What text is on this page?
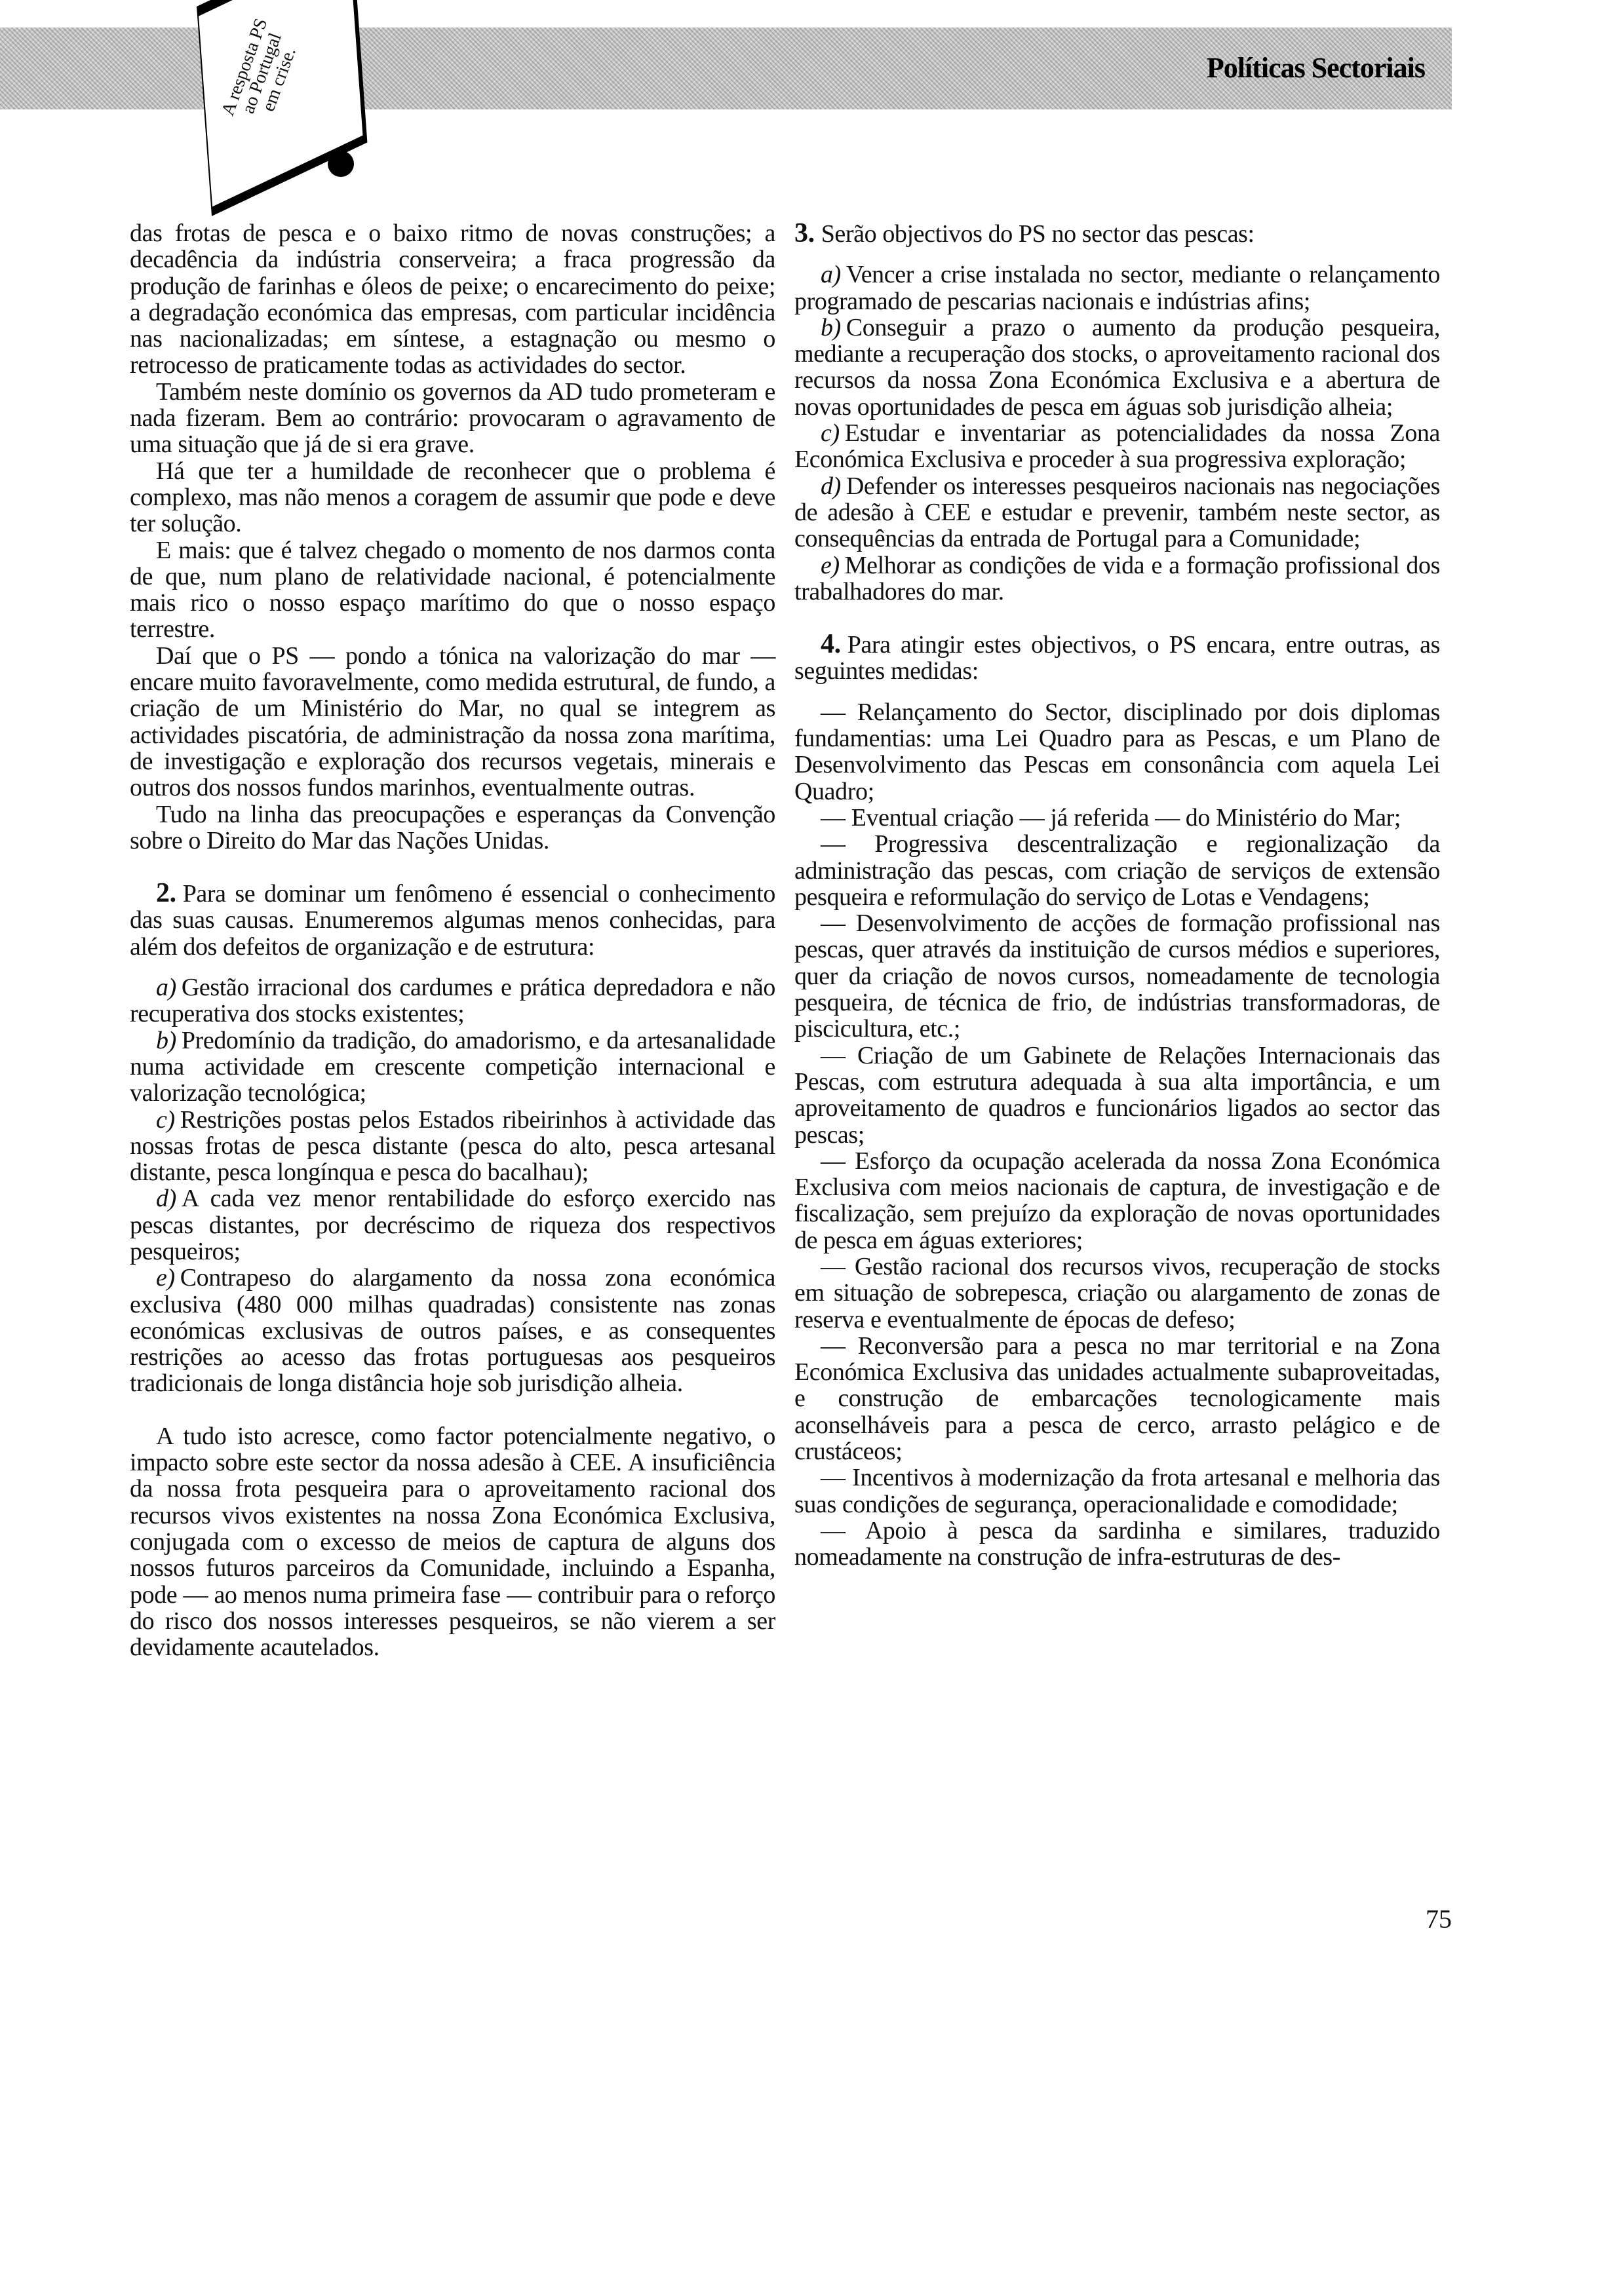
A resposta PS ao Portugal em crise.	Políticas Sectoriais

das frotas de pesca e o baixo ritmo de novas construções; a decadência da indústria conserveira; a fraca progressão da produção de farinhas e óleos de peixe; o encarecimento do peixe; a degradação económica das empresas, com particular incidência nas nacionalizadas; em síntese, a estagnação ou mesmo o retrocesso de praticamente todas as actividades do sector.

Também neste domínio os governos da AD tudo prometeram e nada fizeram. Bem ao contrário: provocaram o agravamento de uma situação que já de si era grave.

Há que ter a humildade de reconhecer que o problema é complexo, mas não menos a coragem de assumir que pode e deve ter solução.

E mais: que é talvez chegado o momento de nos darmos conta de que, num plano de relatividade nacional, é potencialmente mais rico o nosso espaço marítimo do que o nosso espaço terrestre.

Daí que o PS — pondo a tónica na valorização do mar — encare muito favoravelmente, como medida estrutural, de fundo, a criação de um Ministério do Mar, no qual se integrem as actividades piscatória, de administração da nossa zona marítima, de investigação e exploração dos recursos vegetais, minerais e outros dos nossos fundos marinhos, eventualmente outras.

Tudo na linha das preocupações e esperanças da Convenção sobre o Direito do Mar das Nações Unidas.

2. Para se dominar um fenômeno é essencial o conhecimento das suas causas. Enumeremos algumas menos conhecidas, para além dos defeitos de organização e de estrutura:

a) Gestão irracional dos cardumes e prática depredadora e não recuperativa dos stocks existentes;

b) Predomínio da tradição, do amadorismo, e da artesanalidade numa actividade em crescente competição internacional e valorização tecnológica;

c) Restrições postas pelos Estados ribeirinhos à actividade das nossas frotas de pesca distante (pesca do alto, pesca artesanal distante, pesca longínqua e pesca do bacalhau);

d) A cada vez menor rentabilidade do esforço exercido nas pescas distantes, por decréscimo de riqueza dos respectivos pesqueiros;

e) Contrapeso do alargamento da nossa zona económica exclusiva (480 000 milhas quadradas) consistente nas zonas económicas exclusivas de outros países, e as consequentes restrições ao acesso das frotas portuguesas aos pesqueiros tradicionais de longa distância hoje sob jurisdição alheia.

A tudo isto acresce, como factor potencialmente negativo, o impacto sobre este sector da nossa adesão à CEE. A insuficiência da nossa frota pesqueira para o aproveitamento racional dos recursos vivos existentes na nossa Zona Económica Exclusiva, conjugada com o excesso de meios de captura de alguns dos nossos futuros parceiros da Comunidade, incluindo a Espanha, pode — ao menos numa primeira fase — contribuir para o reforço do risco dos nossos interesses pesqueiros, se não vierem a ser devidamente acautelados.

3. Serão objectivos do PS no sector das pescas:

a) Vencer a crise instalada no sector, mediante o relançamento programado de pescarias nacionais e indústrias afins;

b) Conseguir a prazo o aumento da produção pesqueira, mediante a recuperação dos stocks, o aproveitamento racional dos recursos da nossa Zona Económica Exclusiva e a abertura de novas oportunidades de pesca em águas sob jurisdição alheia;

c) Estudar e inventariar as potencialidades da nossa Zona Económica Exclusiva e proceder à sua progressiva exploração;

d) Defender os interesses pesqueiros nacionais nas negociações de adesão à CEE e estudar e prevenir, também neste sector, as consequências da entrada de Portugal para a Comunidade;

e) Melhorar as condições de vida e a formação profissional dos trabalhadores do mar.

4. Para atingir estes objectivos, o PS encara, entre outras, as seguintes medidas:

— Relançamento do Sector, disciplinado por dois diplomas fundamentias: uma Lei Quadro para as Pescas, e um Plano de Desenvolvimento das Pescas em consonância com aquela Lei Quadro;

— Eventual criação — já referida — do Ministério do Mar;

— Progressiva descentralização e regionalização da administração das pescas, com criação de serviços de extensão pesqueira e reformulação do serviço de Lotas e Vendagens;

— Desenvolvimento de acções de formação profissional nas pescas, quer através da instituição de cursos médios e superiores, quer da criação de novos cursos, nomeadamente de tecnologia pesqueira, de técnica de frio, de indústrias transformadoras, de piscicultura, etc.;

— Criação de um Gabinete de Relações Internacionais das Pescas, com estrutura adequada à sua alta importância, e um aproveitamento de quadros e funcionários ligados ao sector das pescas;

— Esforço da ocupação acelerada da nossa Zona Económica Exclusiva com meios nacionais de captura, de investigação e de fiscalização, sem prejuízo da exploração de novas oportunidades de pesca em águas exteriores;

— Gestão racional dos recursos vivos, recuperação de stocks em situação de sobrepesca, criação ou alargamento de zonas de reserva e eventualmente de épocas de defeso;

— Reconversão para a pesca no mar territorial e na Zona Económica Exclusiva das unidades actualmente subaproveitadas, e construção de embarcações tecnologicamente mais aconselháveis para a pesca de cerco, arrasto pelágico e de crustáceos;

— Incentivos à modernização da frota artesanal e melhoria das suas condições de segurança, operacionalidade e comodidade;

— Apoio à pesca da sardinha e similares, traduzido nomeadamente na construção de infra-estruturas de des-

75
